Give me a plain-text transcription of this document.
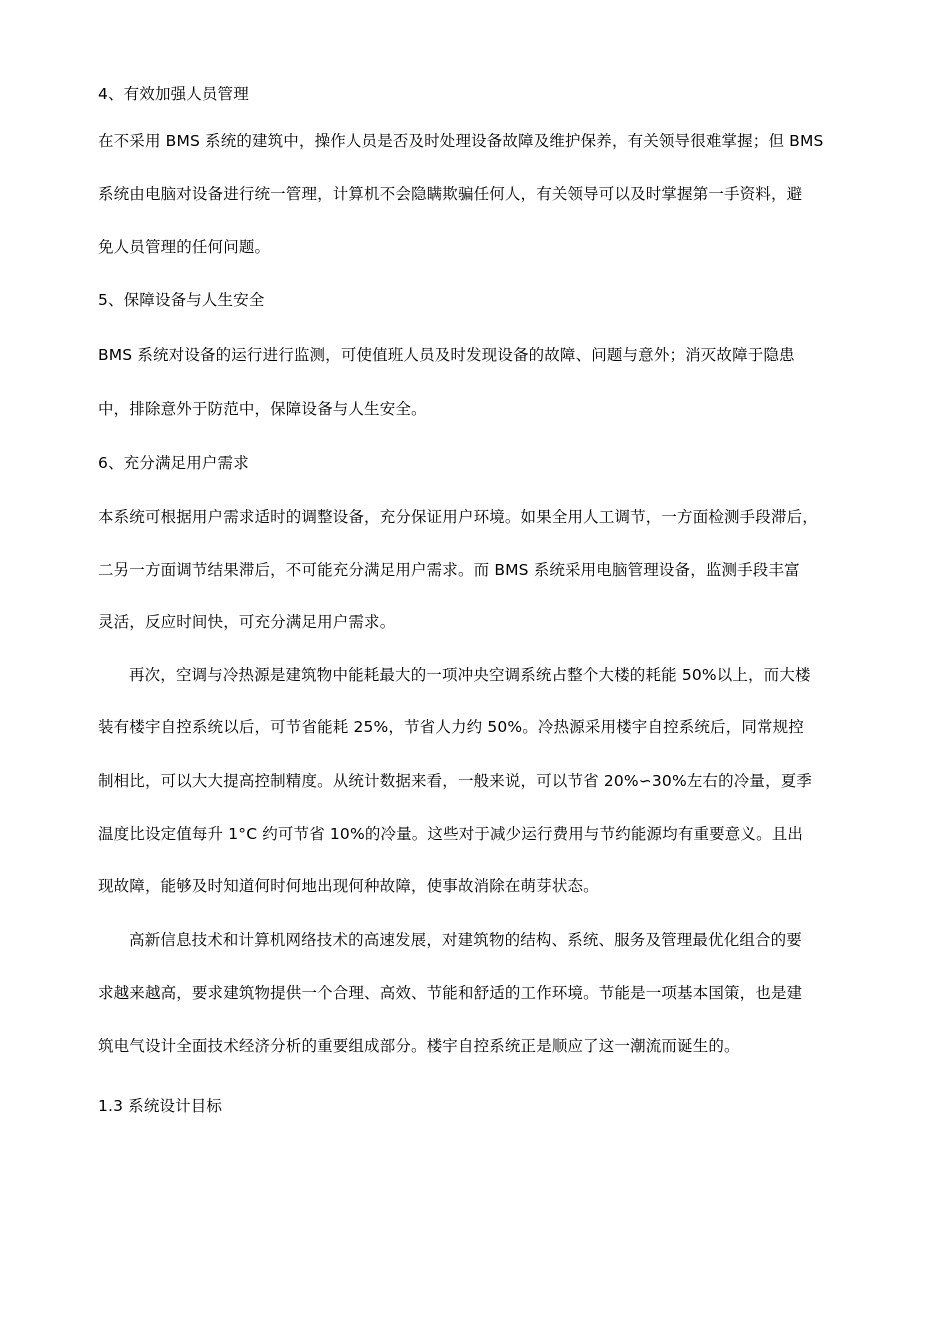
4、有效加强人员管理
在不采用 BMS 系统的建筑中，操作人员是否及时处理设备故障及维护保养，有关领导很难掌握；但 BMS
系统由电脑对设备进行统一管理，计算机不会隐瞒欺骗任何人，有关领导可以及时掌握第一手资料，避
免人员管理的任何问题。
5、保障设备与人生安全
BMS 系统对设备的运行进行监测，可使值班人员及时发现设备的故障、问题与意外；消灭故障于隐患
中，排除意外于防范中，保障设备与人生安全。
6、充分满足用户需求
本系统可根据用户需求适时的调整设备，充分保证用户环境。如果全用人工调节，一方面检测手段滞后，
二另一方面调节结果滞后，不可能充分满足用户需求。而 BMS 系统采用电脑管理设备，监测手段丰富
灵活，反应时间快，可充分满足用户需求。
再次，空调与冷热源是建筑物中能耗最大的一项冲央空调系统占整个大楼的耗能 50%以上，而大楼
装有楼宇自控系统以后，可节省能耗 25%，节省人力约 50%。冷热源采用楼宇自控系统后，同常规控
制相比，可以大大提高控制精度。从统计数据来看，一般来说，可以节省 20%∽30%左右的冷量，夏季
温度比设定值每升 1°C 约可节省 10%的冷量。这些对于减少运行费用与节约能源均有重要意义。且出
现故障，能够及时知道何时何地出现何种故障，使事故消除在萌芽状态。
高新信息技术和计算机网络技术的高速发展，对建筑物的结构、系统、服务及管理最优化组合的要
求越来越高，要求建筑物提供一个合理、高效、节能和舒适的工作环境。节能是一项基本国策，也是建
筑电气设计全面技术经济分析的重要组成部分。楼宇自控系统正是顺应了这一潮流而诞生的。
1.3 系统设计目标
